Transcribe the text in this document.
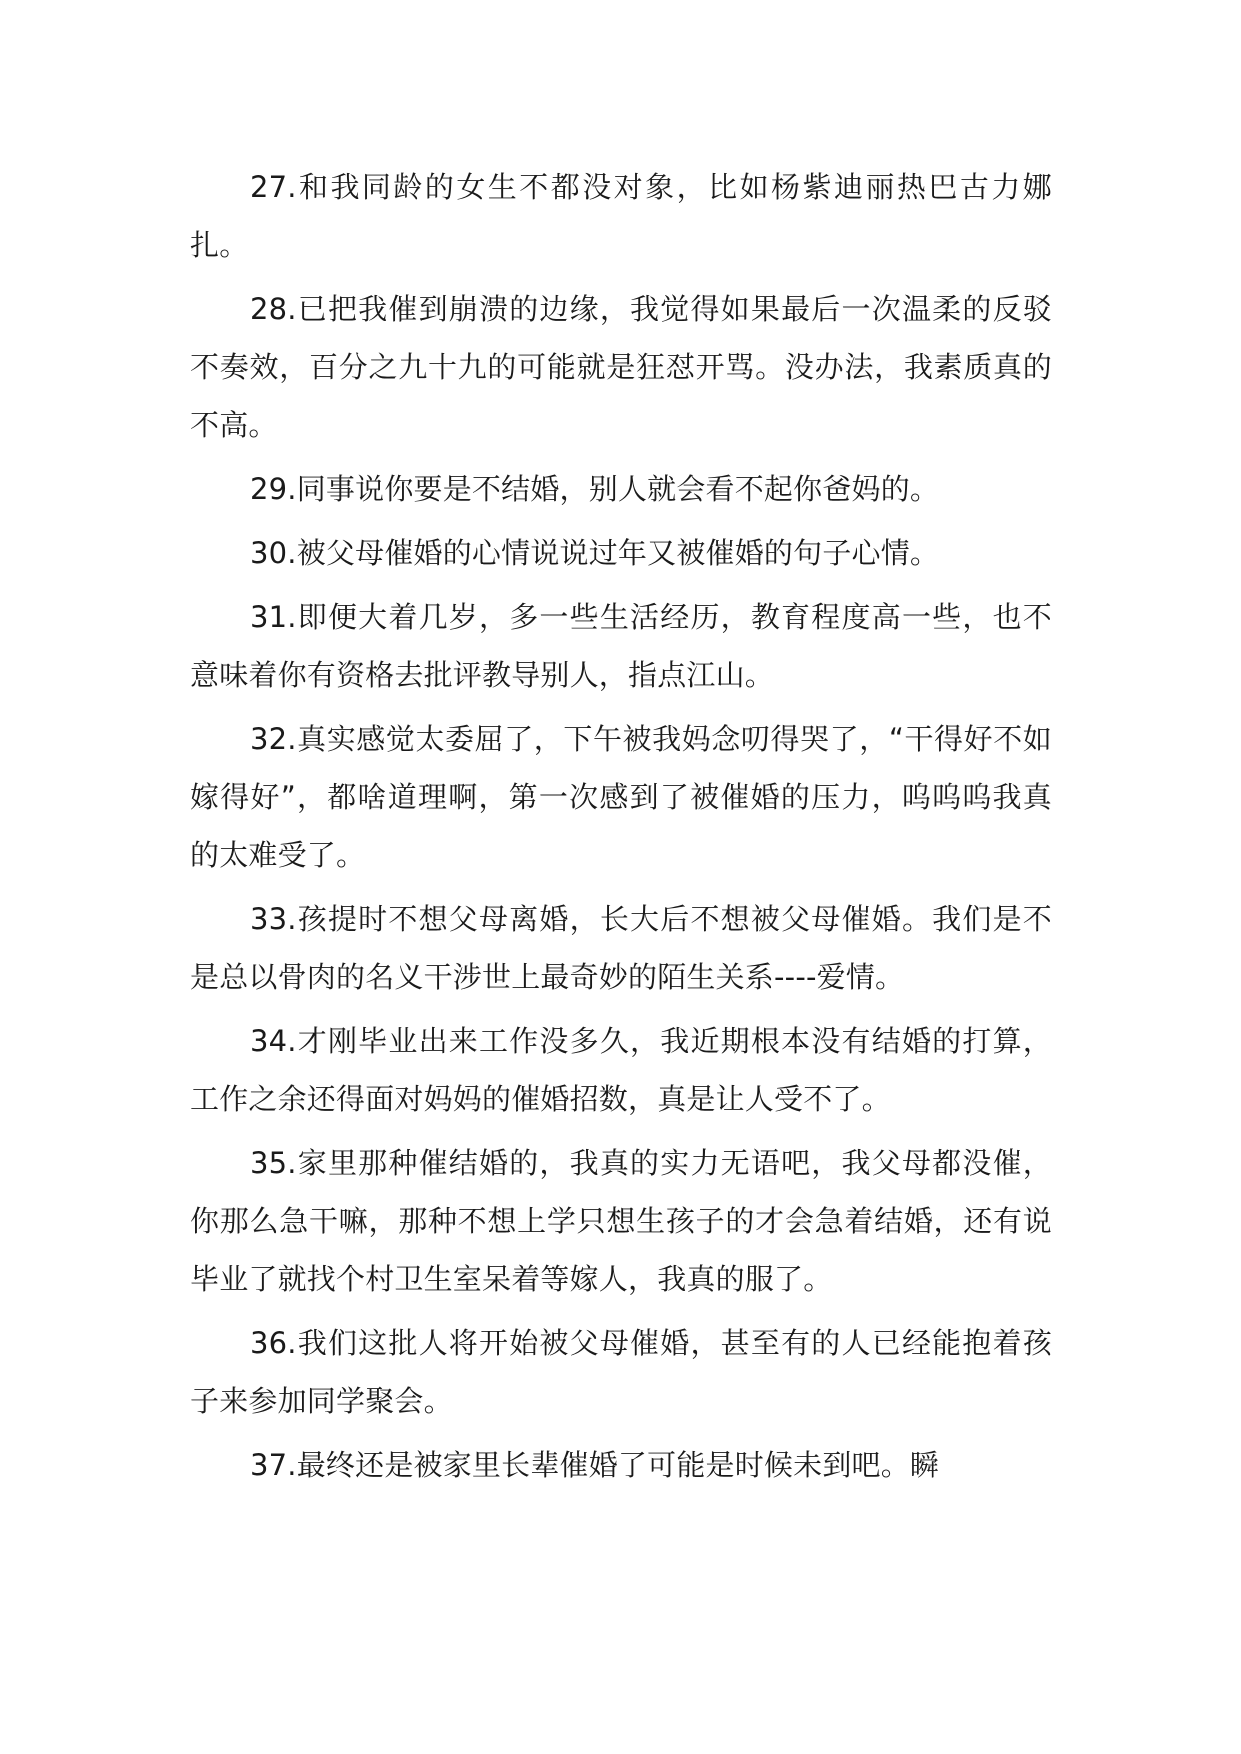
27.和我同龄的女生不都没对象，比如杨紫迪丽热巴古力娜扎。

28.已把我催到崩溃的边缘，我觉得如果最后一次温柔的反驳不奏效，百分之九十九的可能就是狂怼开骂。没办法，我素质真的不高。

29.同事说你要是不结婚，别人就会看不起你爸妈的。

30.被父母催婚的心情说说过年又被催婚的句子心情。

31.即便大着几岁，多一些生活经历，教育程度高一些，也不意味着你有资格去批评教导别人，指点江山。

32.真实感觉太委屈了，下午被我妈念叨得哭了，“干得好不如嫁得好”，都啥道理啊，第一次感到了被催婚的压力，呜呜呜我真的太难受了。

33.孩提时不想父母离婚，长大后不想被父母催婚。我们是不是总以骨肉的名义干涉世上最奇妙的陌生关系----爱情。

34.才刚毕业出来工作没多久，我近期根本没有结婚的打算，工作之余还得面对妈妈的催婚招数，真是让人受不了。

35.家里那种催结婚的，我真的实力无语吧，我父母都没催，你那么急干嘛，那种不想上学只想生孩子的才会急着结婚，还有说毕业了就找个村卫生室呆着等嫁人，我真的服了。

36.我们这批人将开始被父母催婚，甚至有的人已经能抱着孩子来参加同学聚会。

37.最终还是被家里长辈催婚了可能是时候未到吧。瞬
